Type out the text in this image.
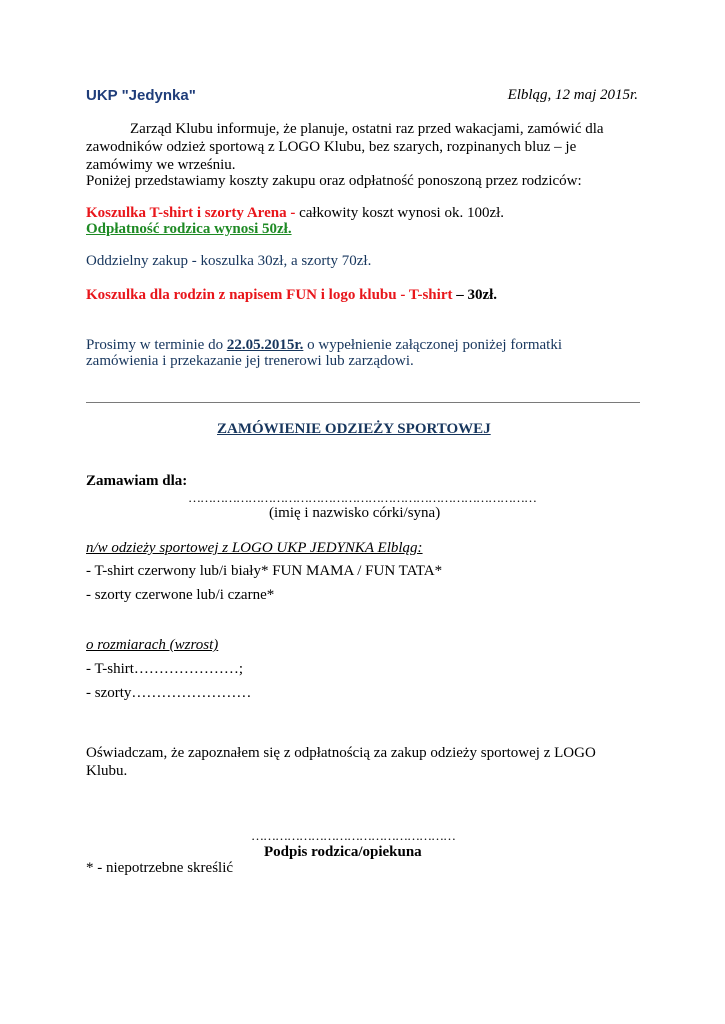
UKP "Jedynka"	Elbląg, 12 maj 2015r.
Zarząd Klubu informuje, że planuje, ostatni raz przed wakacjami, zamówić dla
zawodników odzież sportową z LOGO Klubu, bez szarych, rozpinanych bluz – je
zamówimy we wrześniu.
Poniżej przedstawiamy koszty zakupu oraz odpłatność ponoszoną przez rodziców:
Koszulka T-shirt i szorty Arena - całkowity koszt wynosi ok. 100zł.
Odpłatność rodzica wynosi 50zł.
Oddzielny zakup - koszulka 30zł, a szorty 70zł.
Koszulka dla rodzin z napisem FUN i logo klubu - T-shirt – 30zł.
Prosimy w terminie do 22.05.2015r. o wypełnienie załączonej poniżej formatki
zamówienia i przekazanie jej trenerowi lub zarządowi.
ZAMÓWIENIE ODZIEŻY SPORTOWEJ
Zamawiam dla:
……………………………………………………………………………
(imię i nazwisko córki/syna)
n/w odzieży sportowej z LOGO UKP JEDYNKA Elbląg:
- T-shirt czerwony lub/i biały* FUN MAMA / FUN TATA*
- szorty czerwone lub/i czarne*
o rozmiarach (wzrost)
- T-shirt…………………;
- szorty……………………
Oświadczam, że zapoznałem się z odpłatnością za zakup odzieży sportowej z LOGO
Klubu.
……………………………………………
Podpis rodzica/opiekuna
* - niepotrzebne skreślić
